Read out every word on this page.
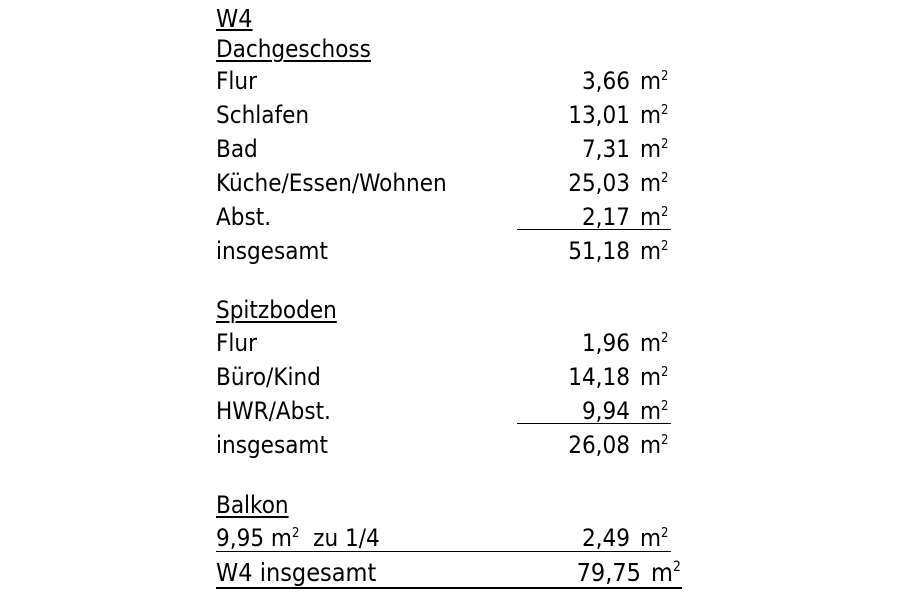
W4
Dachgeschoss
Flur	3,66 $m^2$
Schlafen	13,01 $m^2$
Bad	7,31 $m^2$
Küche/Essen/Wohnen	25,03 $m^2$
Abst.	2,17 $m^2$
insgesamt	51,18 $m^2$
Spitzboden
Flur	1,96 $m^2$
Büro/Kind	14,18 $m^2$
HWR/Abst.	9,94 $m^2$
insgesamt	26,08 $m^2$
Balkon
9,95 $m^2$ zu 1/4	2,49 $m^2$
W4 insgesamt	79,75 $m^2$
